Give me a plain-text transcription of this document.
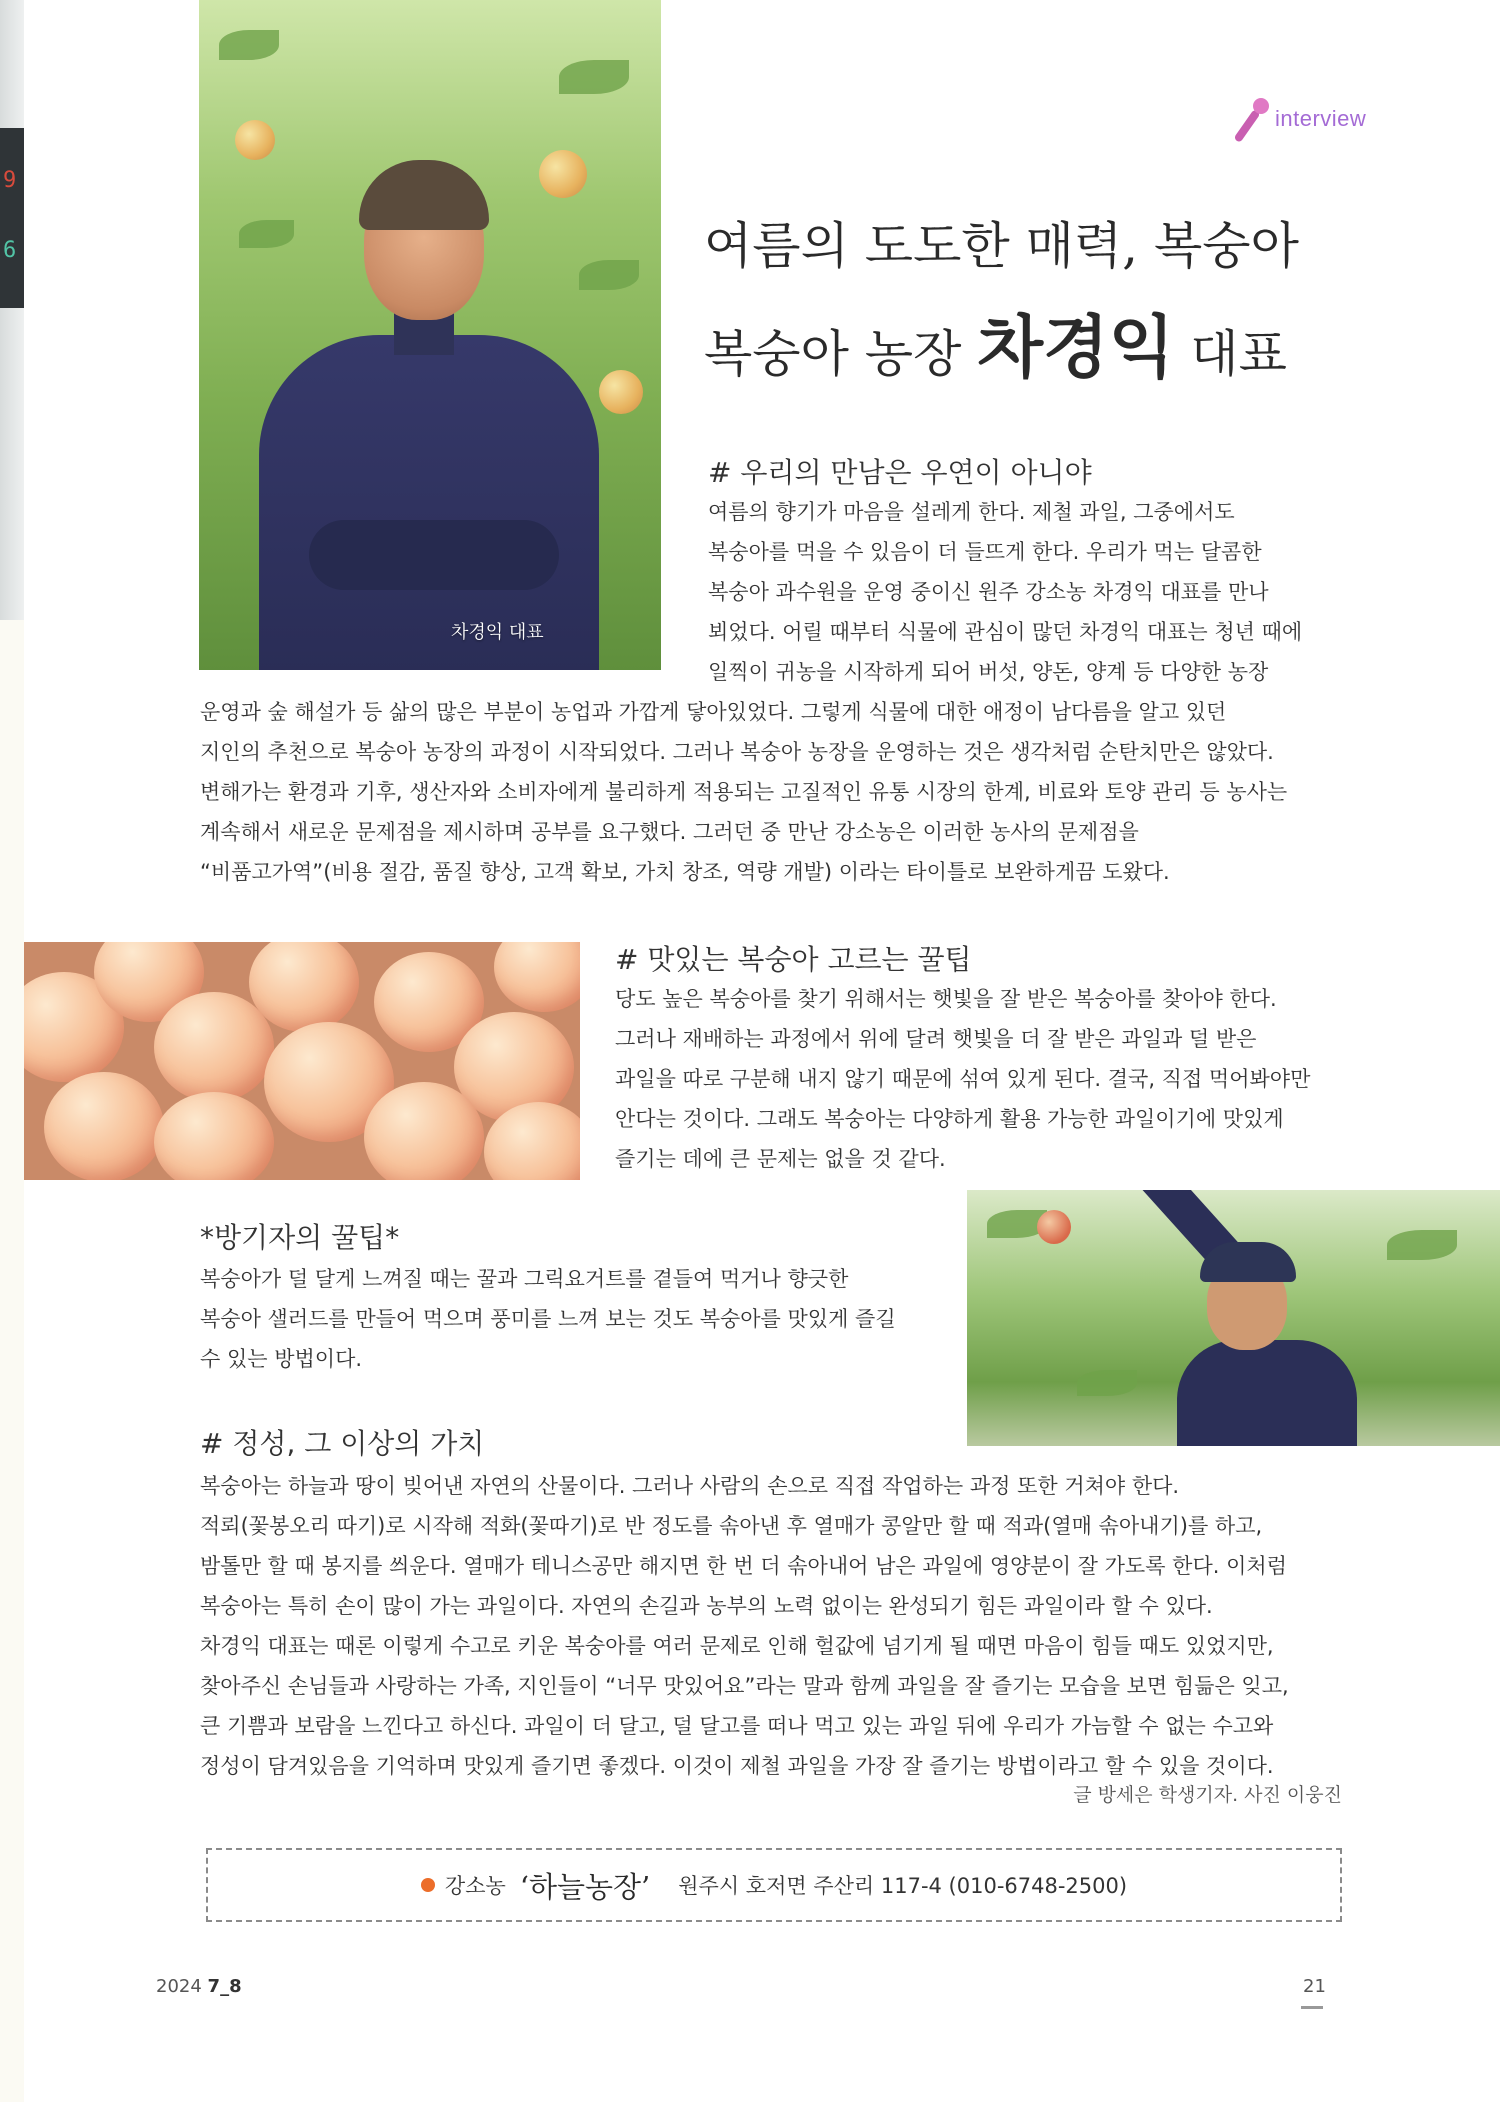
9
6
차경익 대표
interview
여름의 도도한 매력, 복숭아
복숭아 농장 차경익 대표
# 우리의 만남은 우연이 아니야
여름의 향기가 마음을 설레게 한다. 제철 과일, 그중에서도
복숭아를 먹을 수 있음이 더 들뜨게 한다. 우리가 먹는 달콤한
복숭아 과수원을 운영 중이신 원주 강소농 차경익 대표를 만나
뵈었다. 어릴 때부터 식물에 관심이 많던 차경익 대표는 청년 때에
일찍이 귀농을 시작하게 되어 버섯, 양돈, 양계 등 다양한 농장
운영과 숲 해설가 등 삶의 많은 부분이 농업과 가깝게 닿아있었다. 그렇게 식물에 대한 애정이 남다름을 알고 있던
지인의 추천으로 복숭아 농장의 과정이 시작되었다. 그러나 복숭아 농장을 운영하는 것은 생각처럼 순탄치만은 않았다.
변해가는 환경과 기후, 생산자와 소비자에게 불리하게 적용되는 고질적인 유통 시장의 한계, 비료와 토양 관리 등 농사는
계속해서 새로운 문제점을 제시하며 공부를 요구했다. 그러던 중 만난 강소농은 이러한 농사의 문제점을
“비품고가역”(비용 절감, 품질 향상, 고객 확보, 가치 창조, 역량 개발) 이라는 타이틀로 보완하게끔 도왔다.
# 맛있는 복숭아 고르는 꿀팁
당도 높은 복숭아를 찾기 위해서는 햇빛을 잘 받은 복숭아를 찾아야 한다.
그러나 재배하는 과정에서 위에 달려 햇빛을 더 잘 받은 과일과 덜 받은
과일을 따로 구분해 내지 않기 때문에 섞여 있게 된다. 결국, 직접 먹어봐야만
안다는 것이다. 그래도 복숭아는 다양하게 활용 가능한 과일이기에 맛있게
즐기는 데에 큰 문제는 없을 것 같다.
*방기자의 꿀팁*
복숭아가 덜 달게 느껴질 때는 꿀과 그릭요거트를 곁들여 먹거나 향긋한
복숭아 샐러드를 만들어 먹으며 풍미를 느껴 보는 것도 복숭아를 맛있게 즐길
수 있는 방법이다.
# 정성, 그 이상의 가치
복숭아는 하늘과 땅이 빚어낸 자연의 산물이다. 그러나 사람의 손으로 직접 작업하는 과정 또한 거쳐야 한다.
적뢰(꽃봉오리 따기)로 시작해 적화(꽃따기)로 반 정도를 솎아낸 후 열매가 콩알만 할 때 적과(열매 솎아내기)를 하고,
밤톨만 할 때 봉지를 씌운다. 열매가 테니스공만 해지면 한 번 더 솎아내어 남은 과일에 영양분이 잘 가도록 한다. 이처럼
복숭아는 특히 손이 많이 가는 과일이다. 자연의 손길과 농부의 노력 없이는 완성되기 힘든 과일이라 할 수 있다.
차경익 대표는 때론 이렇게 수고로 키운 복숭아를 여러 문제로 인해 헐값에 넘기게 될 때면 마음이 힘들 때도 있었지만,
찾아주신 손님들과 사랑하는 가족, 지인들이 “너무 맛있어요”라는 말과 함께 과일을 잘 즐기는 모습을 보면 힘듦은 잊고,
큰 기쁨과 보람을 느낀다고 하신다. 과일이 더 달고, 덜 달고를 떠나 먹고 있는 과일 뒤에 우리가 가늠할 수 없는 수고와
정성이 담겨있음을 기억하며 맛있게 즐기면 좋겠다. 이것이 제철 과일을 가장 잘 즐기는 방법이라고 할 수 있을 것이다.
글 방세은 학생기자. 사진 이웅진
강소농 ‘하늘농장’ 원주시 호저면 주산리 117-4 (010-6748-2500)
2024 7_8	21
